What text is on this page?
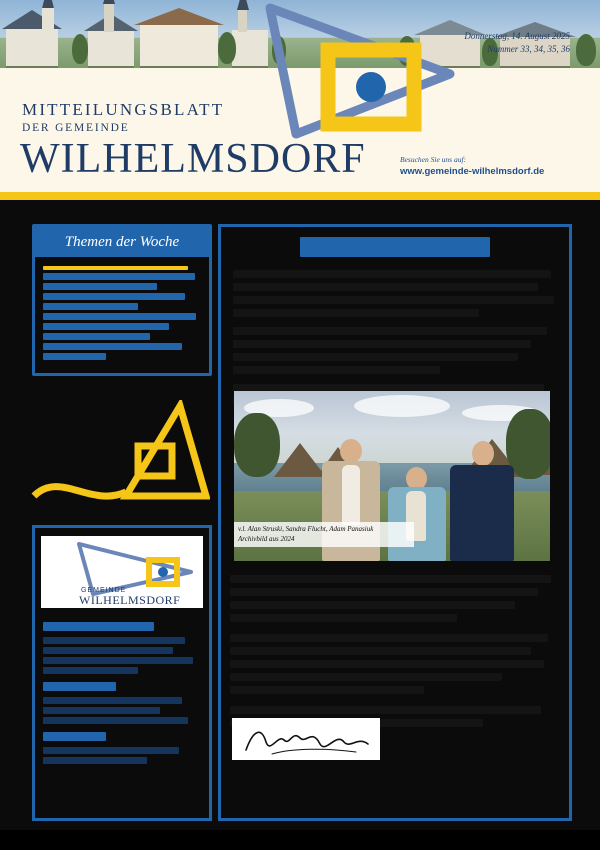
Donnerstag, 14. August 2025
Nummer 33, 34, 35, 36
MITTEILUNGSBLATT
DER GEMEINDE
WILHELMSDORF	Besuchen Sie uns auf:
www.gemeinde-wilhelmsdorf.de
Themen der Woche
GEMEINDE
WILHELMSDORF
v.l. Alan Struski, Sandra Flucht, Adam Panasiuk
Archivbild aus 2024
